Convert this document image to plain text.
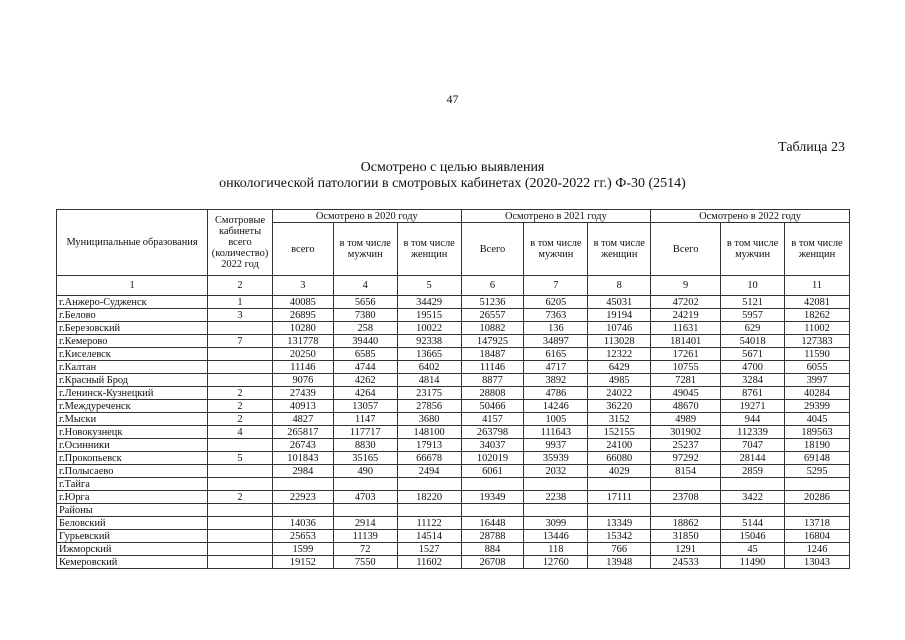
47
Таблица 23
Осмотрено с целью выявления
онкологической патологии в смотровых кабинетах (2020-2022 гг.) Ф-30 (2514)
Муниципальные образования	Смотровые кабинеты всего (количество) 2022 год	Осмотрено в 2020 году			Осмотрено в 2021 году			Осмотрено в 2022 году		
		всего	в том числе мужчин	в том числе женщин	Всего	в том числе мужчин	в том числе женщин	Всего	в том числе мужчин	в том числе женщин
1	2	3	4	5	6	7	8	9	10	11
г.Анжеро-Судженск	1	40085	5656	34429	51236	6205	45031	47202	5121	42081
г.Белово	3	26895	7380	19515	26557	7363	19194	24219	5957	18262
г.Березовский		10280	258	10022	10882	136	10746	11631	629	11002
г.Кемерово	7	131778	39440	92338	147925	34897	113028	181401	54018	127383
г.Киселевск		20250	6585	13665	18487	6165	12322	17261	5671	11590
г.Калтан		11146	4744	6402	11146	4717	6429	10755	4700	6055
г.Красный Брод		9076	4262	4814	8877	3892	4985	7281	3284	3997
г.Ленинск-Кузнецкий	2	27439	4264	23175	28808	4786	24022	49045	8761	40284
г.Междуреченск	2	40913	13057	27856	50466	14246	36220	48670	19271	29399
г.Мыски	2	4827	1147	3680	4157	1005	3152	4989	944	4045
г.Новокузнецк	4	265817	117717	148100	263798	111643	152155	301902	112339	189563
г.Осинники		26743	8830	17913	34037	9937	24100	25237	7047	18190
г.Прокопьевск	5	101843	35165	66678	102019	35939	66080	97292	28144	69148
г.Полысаево		2984	490	2494	6061	2032	4029	8154	2859	5295
г.Тайга										
г.Юрга	2	22923	4703	18220	19349	2238	17111	23708	3422	20286
Районы										
Беловский		14036	2914	11122	16448	3099	13349	18862	5144	13718
Гурьевский		25653	11139	14514	28788	13446	15342	31850	15046	16804
Ижморский		1599	72	1527	884	118	766	1291	45	1246
Кемеровский		19152	7550	11602	26708	12760	13948	24533	11490	13043
